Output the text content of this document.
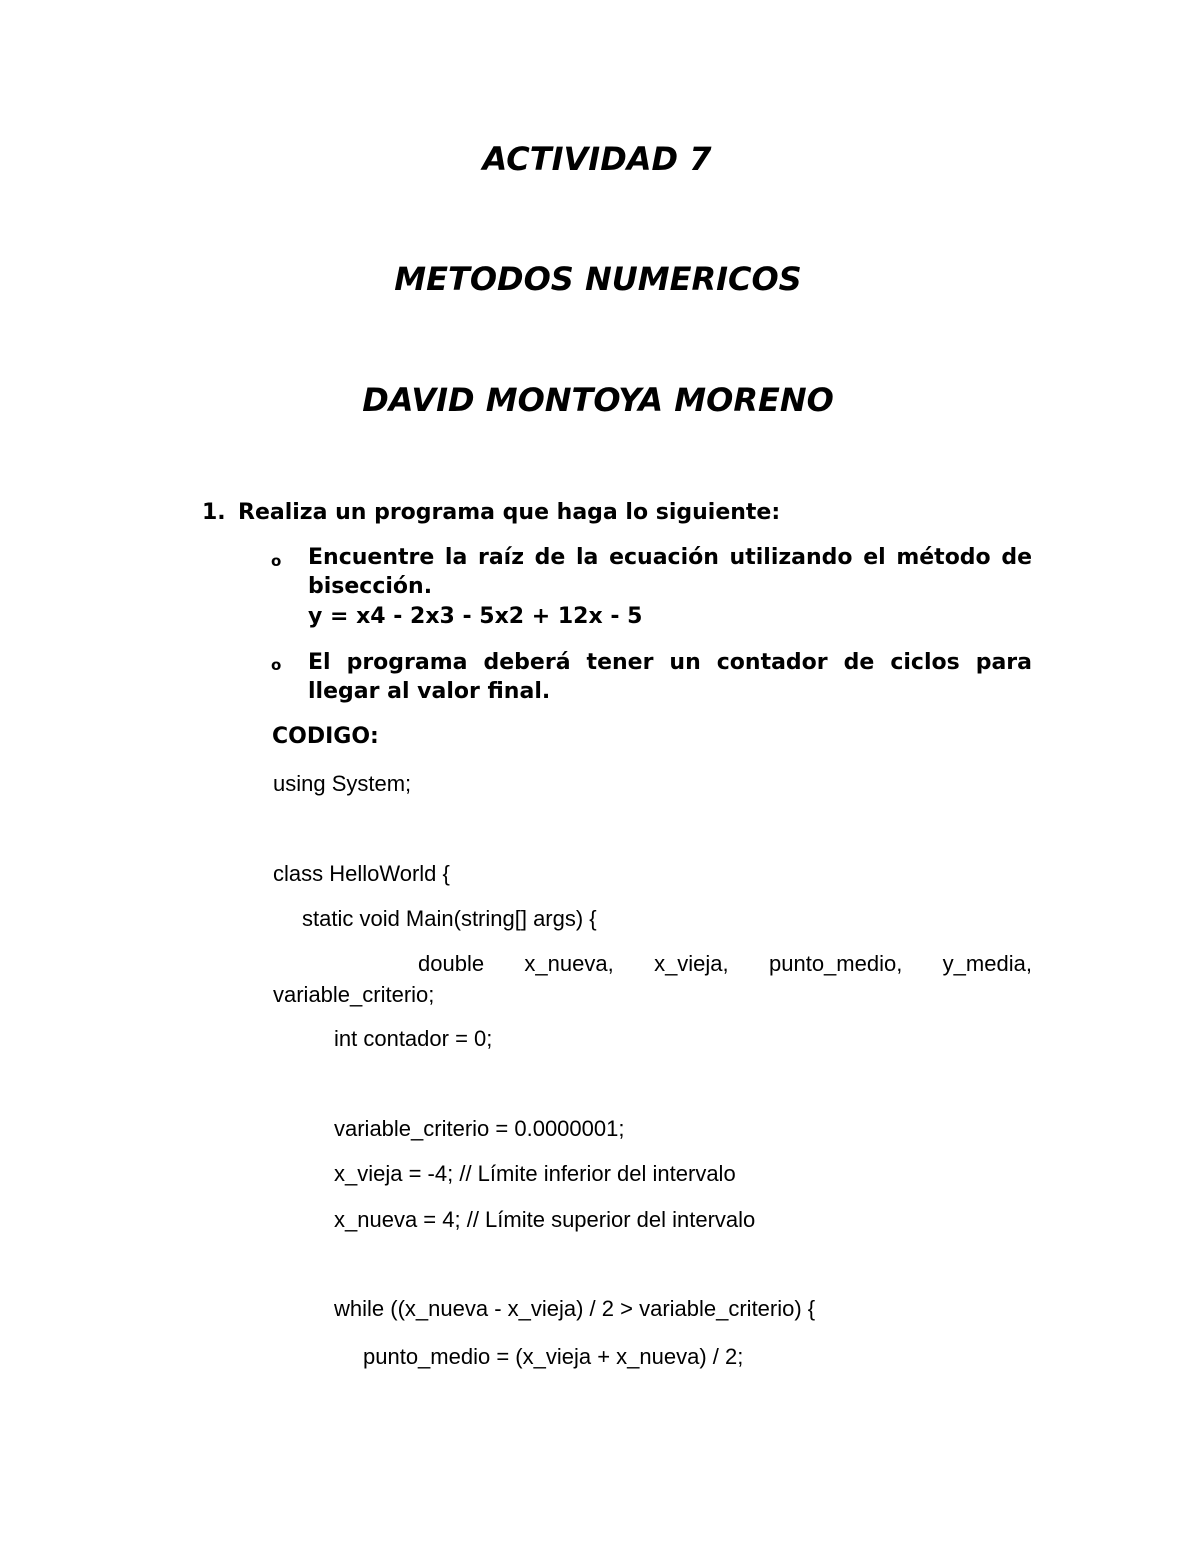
ACTIVIDAD 7
METODOS NUMERICOS
DAVID MONTOYA MORENO
1. Realiza un programa que haga lo siguiente:
o Encuentre la raíz de la ecuación utilizando el método de bisección.
y = x4 - 2x3 - 5x2 + 12x - 5
o El programa deberá tener un contador de ciclos para llegar al valor final.
CODIGO:
using System;
class HelloWorld {
static void Main(string[] args) {
double x_nueva, x_vieja, punto_medio, y_media,
variable_criterio;
int contador = 0;
variable_criterio = 0.0000001;
x_vieja = -4; // Límite inferior del intervalo
x_nueva = 4; // Límite superior del intervalo
while ((x_nueva - x_vieja) / 2 > variable_criterio) {
punto_medio = (x_vieja + x_nueva) / 2;
